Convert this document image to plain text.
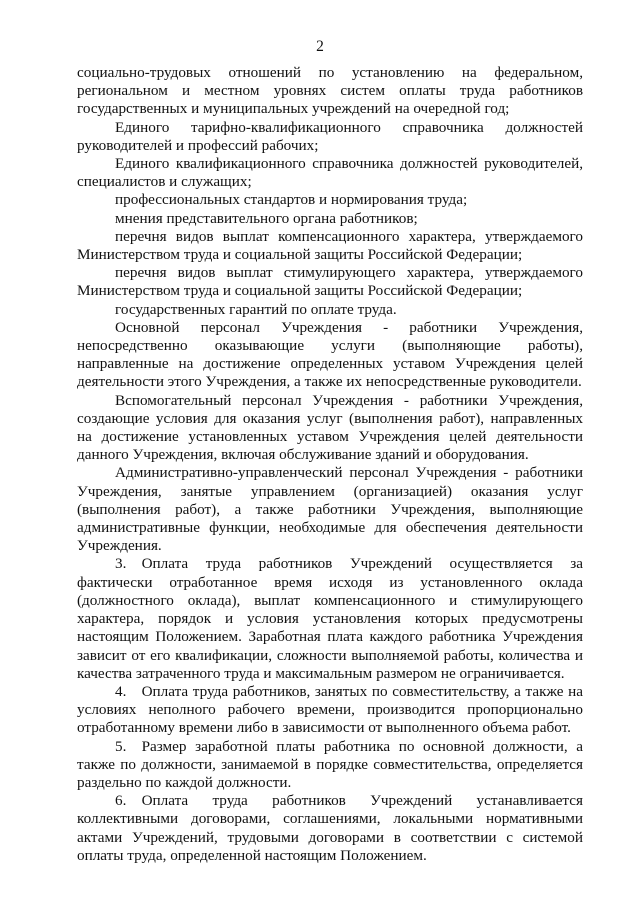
2

социально-трудовых отношений по установлению на федеральном, региональном и местном уровнях систем оплаты труда работников государственных и муниципальных учреждений на очередной год;

Единого тарифно-квалификационного справочника должностей руководителей и профессий рабочих;

Единого квалификационного справочника должностей руководителей, специалистов и служащих;

профессиональных стандартов и нормирования труда;

мнения представительного органа работников;

перечня видов выплат компенсационного характера, утверждаемого Министерством труда и социальной защиты Российской Федерации;

перечня видов выплат стимулирующего характера, утверждаемого Министерством труда и социальной защиты Российской Федерации;

государственных гарантий по оплате труда.

Основной персонал Учреждения - работники Учреждения, непосредственно оказывающие услуги (выполняющие работы), направленные на достижение определенных уставом Учреждения целей деятельности этого Учреждения, а также их непосредственные руководители.

Вспомогательный персонал Учреждения - работники Учреждения, создающие условия для оказания услуг (выполнения работ), направленных на достижение установленных уставом Учреждения целей деятельности данного Учреждения, включая обслуживание зданий и оборудования.

Административно-управленческий персонал Учреждения - работники Учреждения, занятые управлением (организацией) оказания услуг (выполнения работ), а также работники Учреждения, выполняющие административные функции, необходимые для обеспечения деятельности Учреждения.

3. Оплата труда работников Учреждений осуществляется за фактически отработанное время исходя из установленного оклада (должностного оклада), выплат компенсационного и стимулирующего характера, порядок и условия установления которых предусмотрены настоящим Положением. Заработная плата каждого работника Учреждения зависит от его квалификации, сложности выполняемой работы, количества и качества затраченного труда и максимальным размером не ограничивается.

4. Оплата труда работников, занятых по совместительству, а также на условиях неполного рабочего времени, производится пропорционально отработанному времени либо в зависимости от выполненного объема работ.

5. Размер заработной платы работника по основной должности, а также по должности, занимаемой в порядке совместительства, определяется раздельно по каждой должности.

6. Оплата труда работников Учреждений устанавливается коллективными договорами, соглашениями, локальными нормативными актами Учреждений, трудовыми договорами в соответствии с системой оплаты труда, определенной настоящим Положением.
